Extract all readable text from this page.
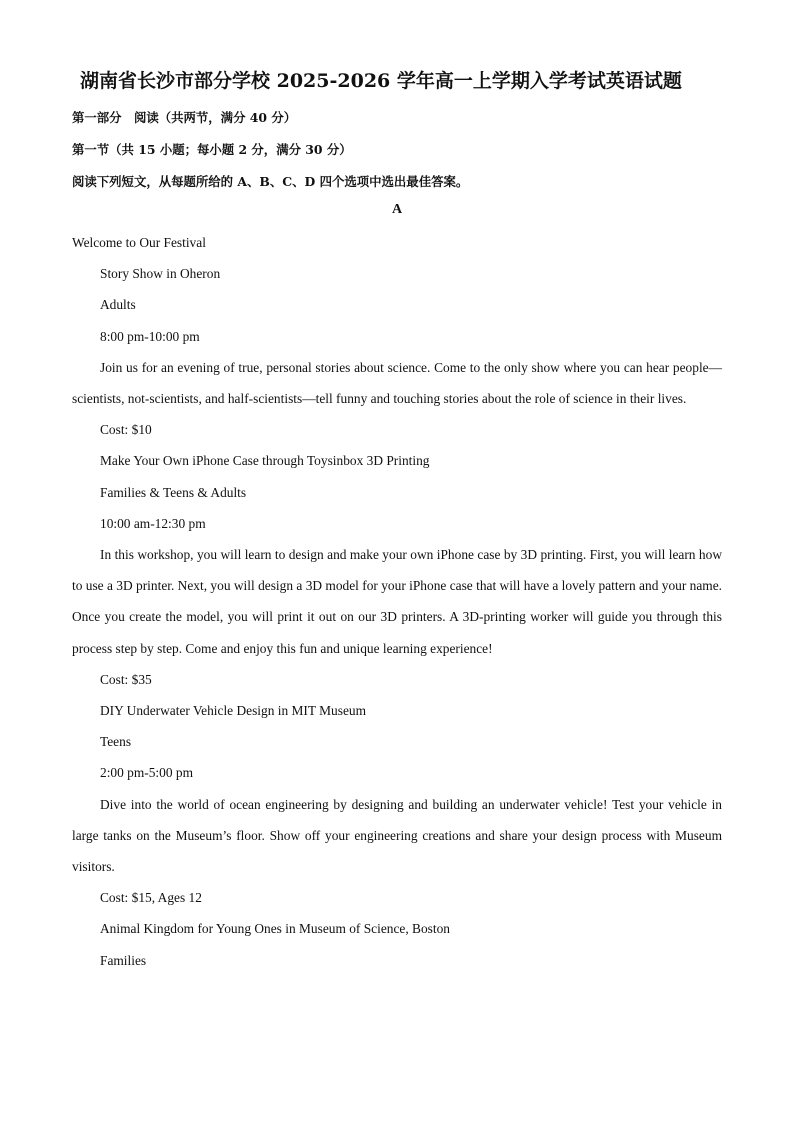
湖南省长沙市部分学校 2025-2026 学年高一上学期入学考试英语试题

第一部分　阅读（共两节，满分 40 分）

第一节（共 15 小题；每小题 2 分，满分 30 分）

阅读下列短文，从每题所给的 A、B、C、D 四个选项中选出最佳答案。

A

Welcome to Our Festival

Story Show in Oheron

Adults

8:00 pm-10:00 pm

Join us for an evening of true, personal stories about science. Come to the only show where you can hear people—scientists, not-scientists, and half-scientists—tell funny and touching stories about the role of science in their lives.

Cost: $10

Make Your Own iPhone Case through Toysinbox 3D Printing

Families & Teens & Adults

10:00 am-12:30 pm

In this workshop, you will learn to design and make your own iPhone case by 3D printing. First, you will learn how to use a 3D printer. Next, you will design a 3D model for your iPhone case that will have a lovely pattern and your name. Once you create the model, you will print it out on our 3D printers. A 3D-printing worker will guide you through this process step by step. Come and enjoy this fun and unique learning experience!

Cost: $35

DIY Underwater Vehicle Design in MIT Museum

Teens

2:00 pm-5:00 pm

Dive into the world of ocean engineering by designing and building an underwater vehicle! Test your vehicle in large tanks on the Museum’s floor. Show off your engineering creations and share your design process with Museum visitors.

Cost: $15, Ages 12

Animal Kingdom for Young Ones in Museum of Science, Boston

Families
